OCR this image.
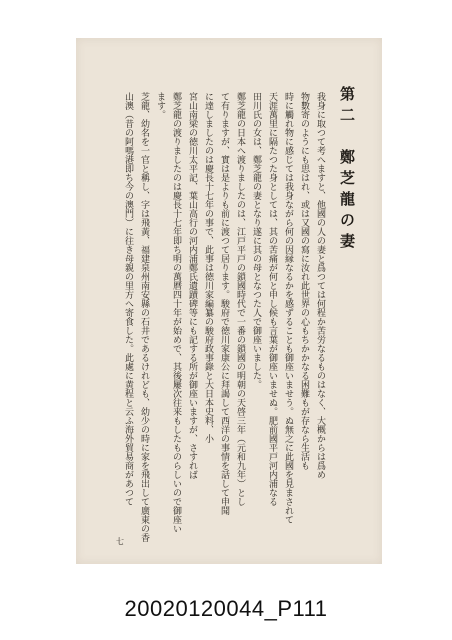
第二　鄭芝龍の妻
我身に取つて考へますと、他國の人の妻と爲つては何程か苦労なるものはなく、大概からは爲め
物數寄のようにも思はれ、或は又國の寫に汝れ此世界の心もちかかなる困難もが存なら生活も
時に觸れ物に感じては我身ながら何の因縁なるかを感ずることも御座いませう。ぬ無之に此國を見まされて
天涯萬里に隔たつた身としては、其の苦痛が何と申し候も言葉が御座いませぬ。肥前國平戸河内浦なる
田川氏の女は、鄭芝龍の妻となり遂に其の母となつた人で御座いました。
鄭芝龍の日本へ渡りましたのは、江戸平戸の鎖國時代で一番の鎖國の明朝の天啓三年（元和九年）とし
て有りますが、實は是よりも前に渡つて居ります。駿府で徳川家康公に拜謁して西洋の事情を話して申聞
に達しましたのは慶長十七年の事で、此事は徳川家編纂の駿府政事錄と大日本史料、小
宮山南梁の徳川太平記、葉山高行の河内浦鄭氏遺蹟碑等にも記する所が御座いますが、さすれば
鄭芝龍の渡りましたのは慶長十七年即ち明の萬曆四十年が始めで、其後屢次往来もしたものらしいので御座い
ます。
芝龍、幼名を一官と稱し、字は飛黃、福建泉州南安縣の石井であるけれども、幼少の時に家を飛出して廣東の香
山澳（昔の阿嗎港即ち今の澳門）に往き母親の里方へ寄食した。此處に黄程と云ふ海外貿易商があつて
七
20020120044_P111
